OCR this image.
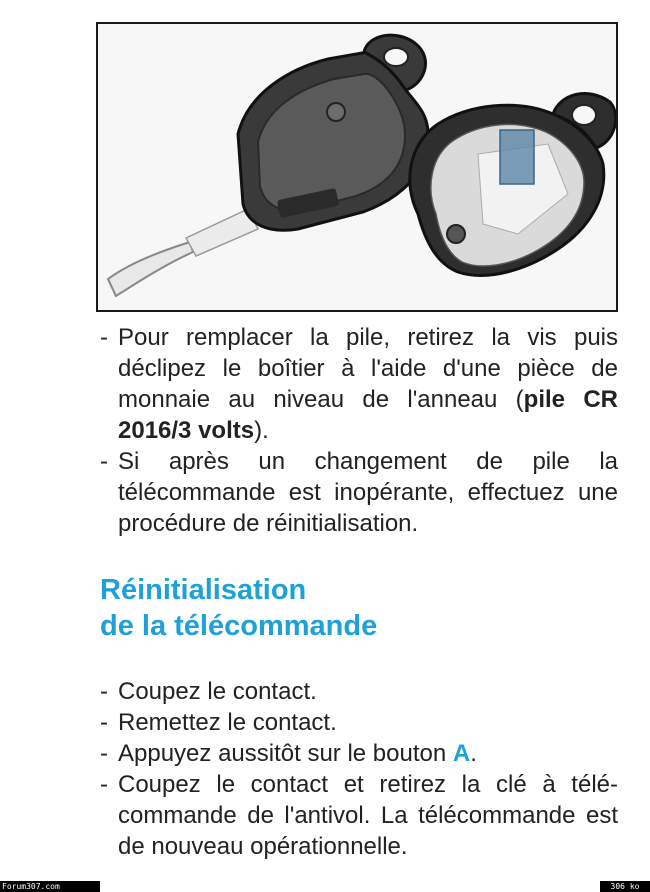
- Pour remplacer la pile, retirez la vis puis déclipez le boîtier à l'aide d'une pièce de monnaie au niveau de l'anneau (pile CR 2016/3 volts).
- Si après un changement de pile la télécommande est inopérante, effectuez une procédure de réinitialisation.
Réinitialisation
de la télécommande
- Coupez le contact.
- Remettez le contact.
- Appuyez aussitôt sur le bouton A.
- Coupez le contact et retirez la clé à télé-commande de l'antivol. La télécommande est de nouveau opérationnelle.
Forum307.com	306 ko
